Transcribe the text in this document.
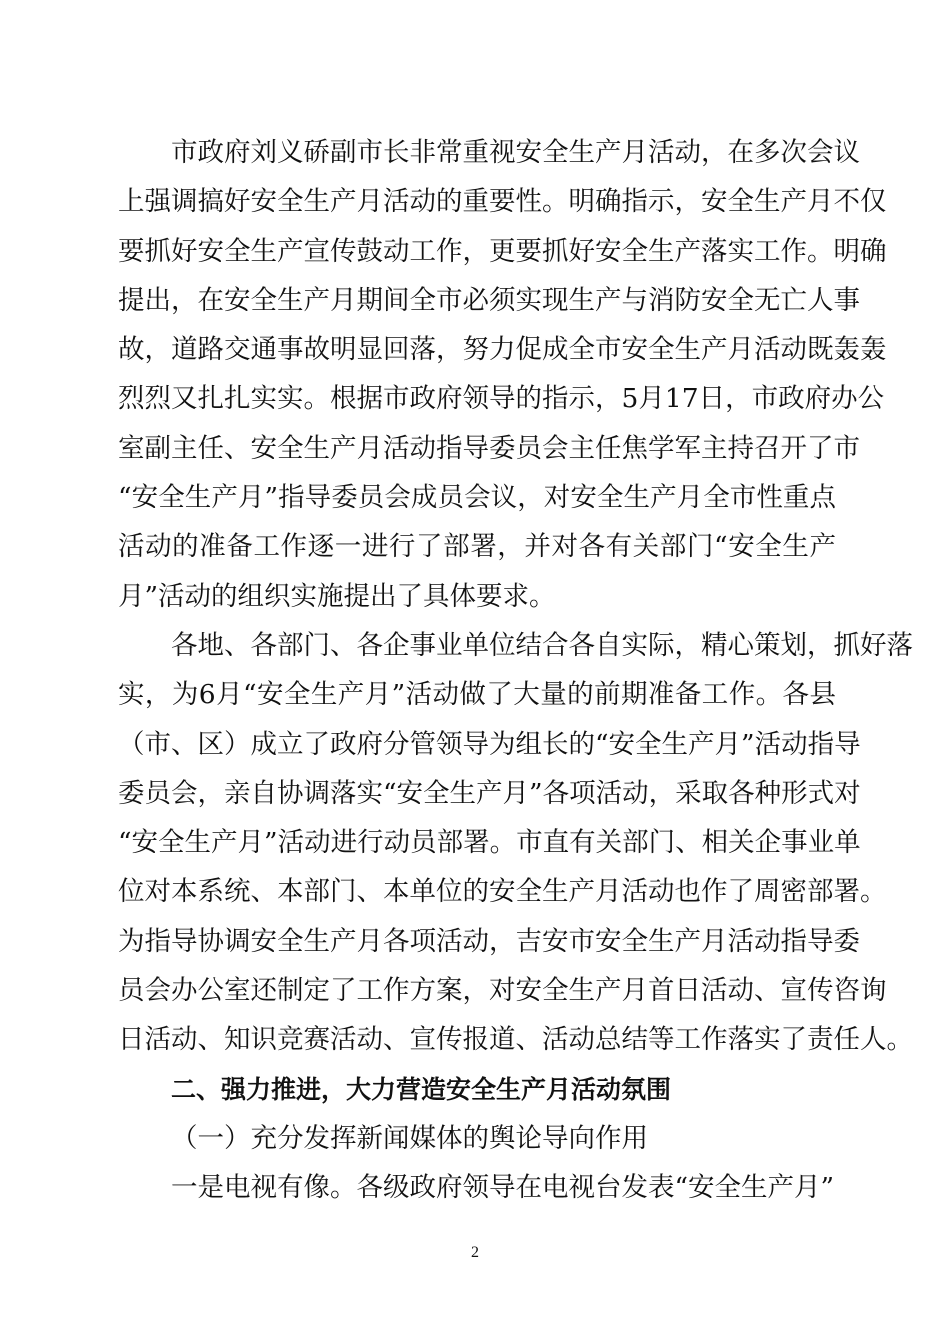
市政府刘义硚副市长非常重视安全生产月活动，在多次会议
上强调搞好安全生产月活动的重要性。明确指示，安全生产月不仅
要抓好安全生产宣传鼓动工作，更要抓好安全生产落实工作。明确
提出，在安全生产月期间全市必须实现生产与消防安全无亡人事
故，道路交通事故明显回落，努力促成全市安全生产月活动既轰轰
烈烈又扎扎实实。根据市政府领导的指示，5月17日，市政府办公
室副主任、安全生产月活动指导委员会主任焦学军主持召开了市
“安全生产月”指导委员会成员会议，对安全生产月全市性重点
活动的准备工作逐一进行了部署，并对各有关部门“安全生产
月”活动的组织实施提出了具体要求。
各地、各部门、各企事业单位结合各自实际，精心策划，抓好落
实，为6月“安全生产月”活动做了大量的前期准备工作。各县
（市、区）成立了政府分管领导为组长的“安全生产月”活动指导
委员会，亲自协调落实“安全生产月”各项活动，采取各种形式对
“安全生产月”活动进行动员部署。市直有关部门、相关企事业单
位对本系统、本部门、本单位的安全生产月活动也作了周密部署。
为指导协调安全生产月各项活动，吉安市安全生产月活动指导委
员会办公室还制定了工作方案，对安全生产月首日活动、宣传咨询
日活动、知识竞赛活动、宣传报道、活动总结等工作落实了责任人。
二、强力推进，大力营造安全生产月活动氛围
（一）充分发挥新闻媒体的舆论导向作用
一是电视有像。各级政府领导在电视台发表“安全生产月”
2
